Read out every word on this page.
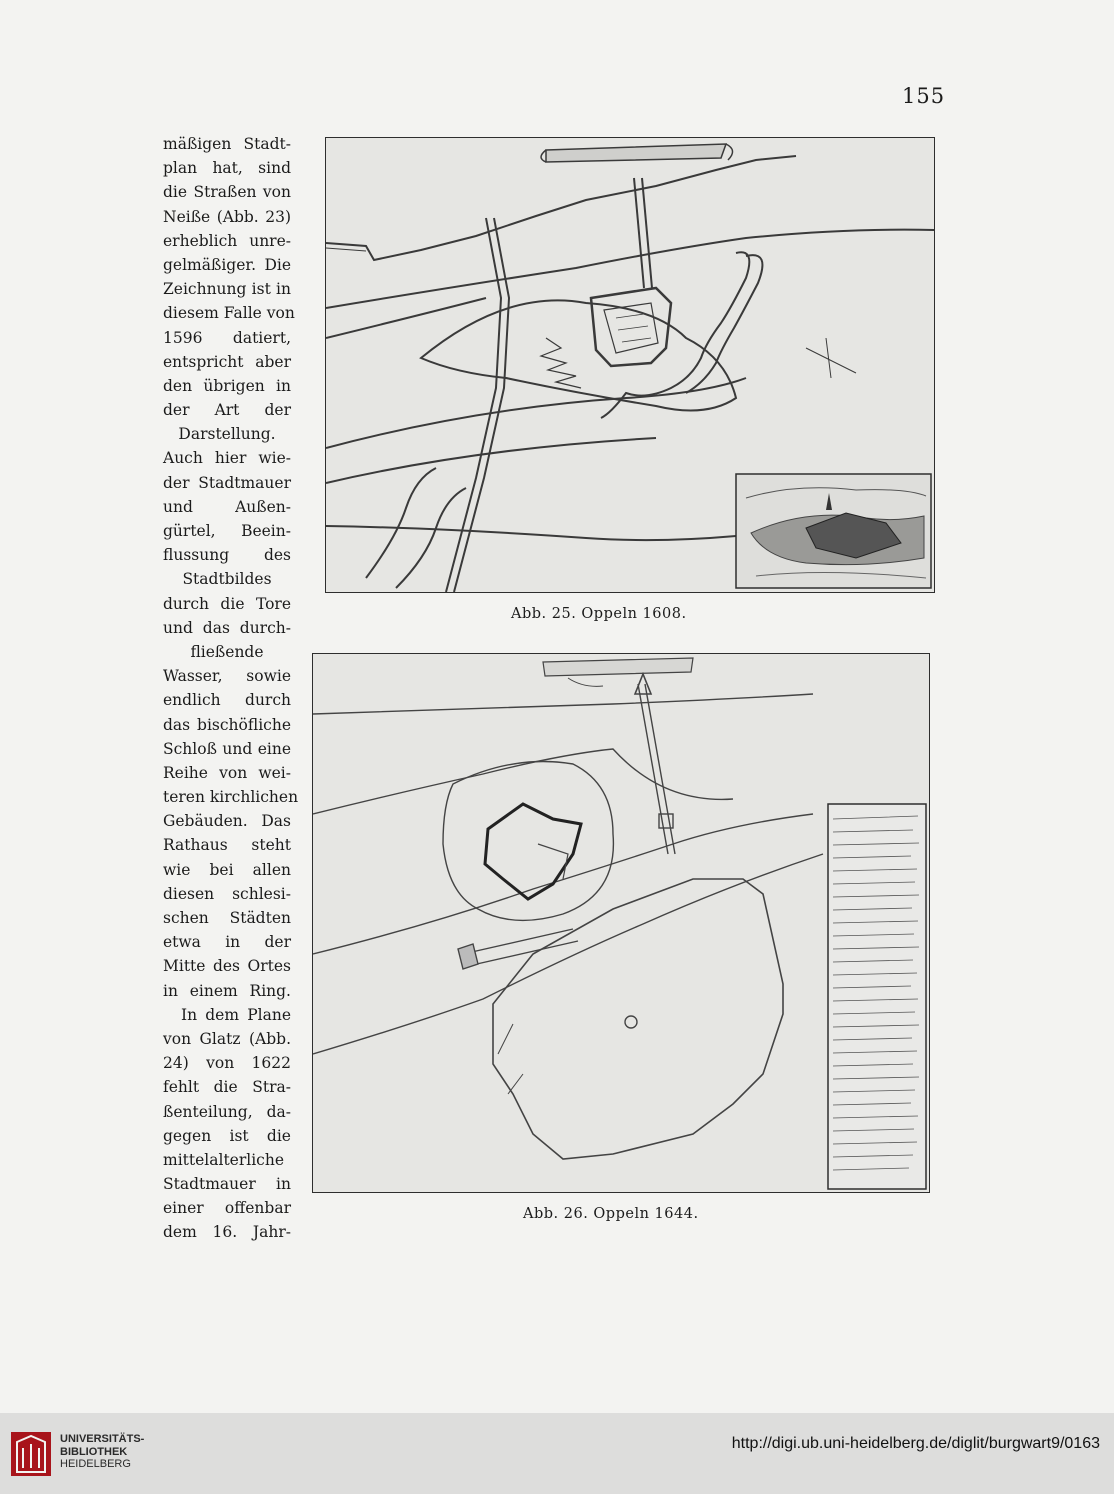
155
mäßigen Stadt-
plan hat, sind
die Straßen von
Neiße (Abb. 23)
erheblich unre-
gelmäßiger. Die
Zeichnung ist in
diesem Falle von
1596 datiert,
entspricht aber
den übrigen in
der Art der
Darstellung.
Auch hier wie-
der Stadtmauer
und Außen-
gürtel, Beein-
flussung des
Stadtbildes
durch die Tore
und das durch-
fließende
Wasser, sowie
endlich durch
das bischöfliche
Schloß und eine
Reihe von wei-
teren kirchlichen
Gebäuden. Das
Rathaus steht
wie bei allen
diesen schlesi-
schen Städten
etwa in der
Mitte des Ortes
in einem Ring.
In dem Plane
von Glatz (Abb.
24) von 1622
fehlt die Stra-
ßenteilung, da-
gegen ist die
mittelalterliche
Stadtmauer in
einer offenbar
dem 16. Jahr-
Abb. 25. Oppeln 1608.
Abb. 26. Oppeln 1644.
UNIVERSITÄTS-
BIBLIOTHEK
HEIDELBERG
http://digi.ub.uni-heidelberg.de/diglit/burgwart9/0163
